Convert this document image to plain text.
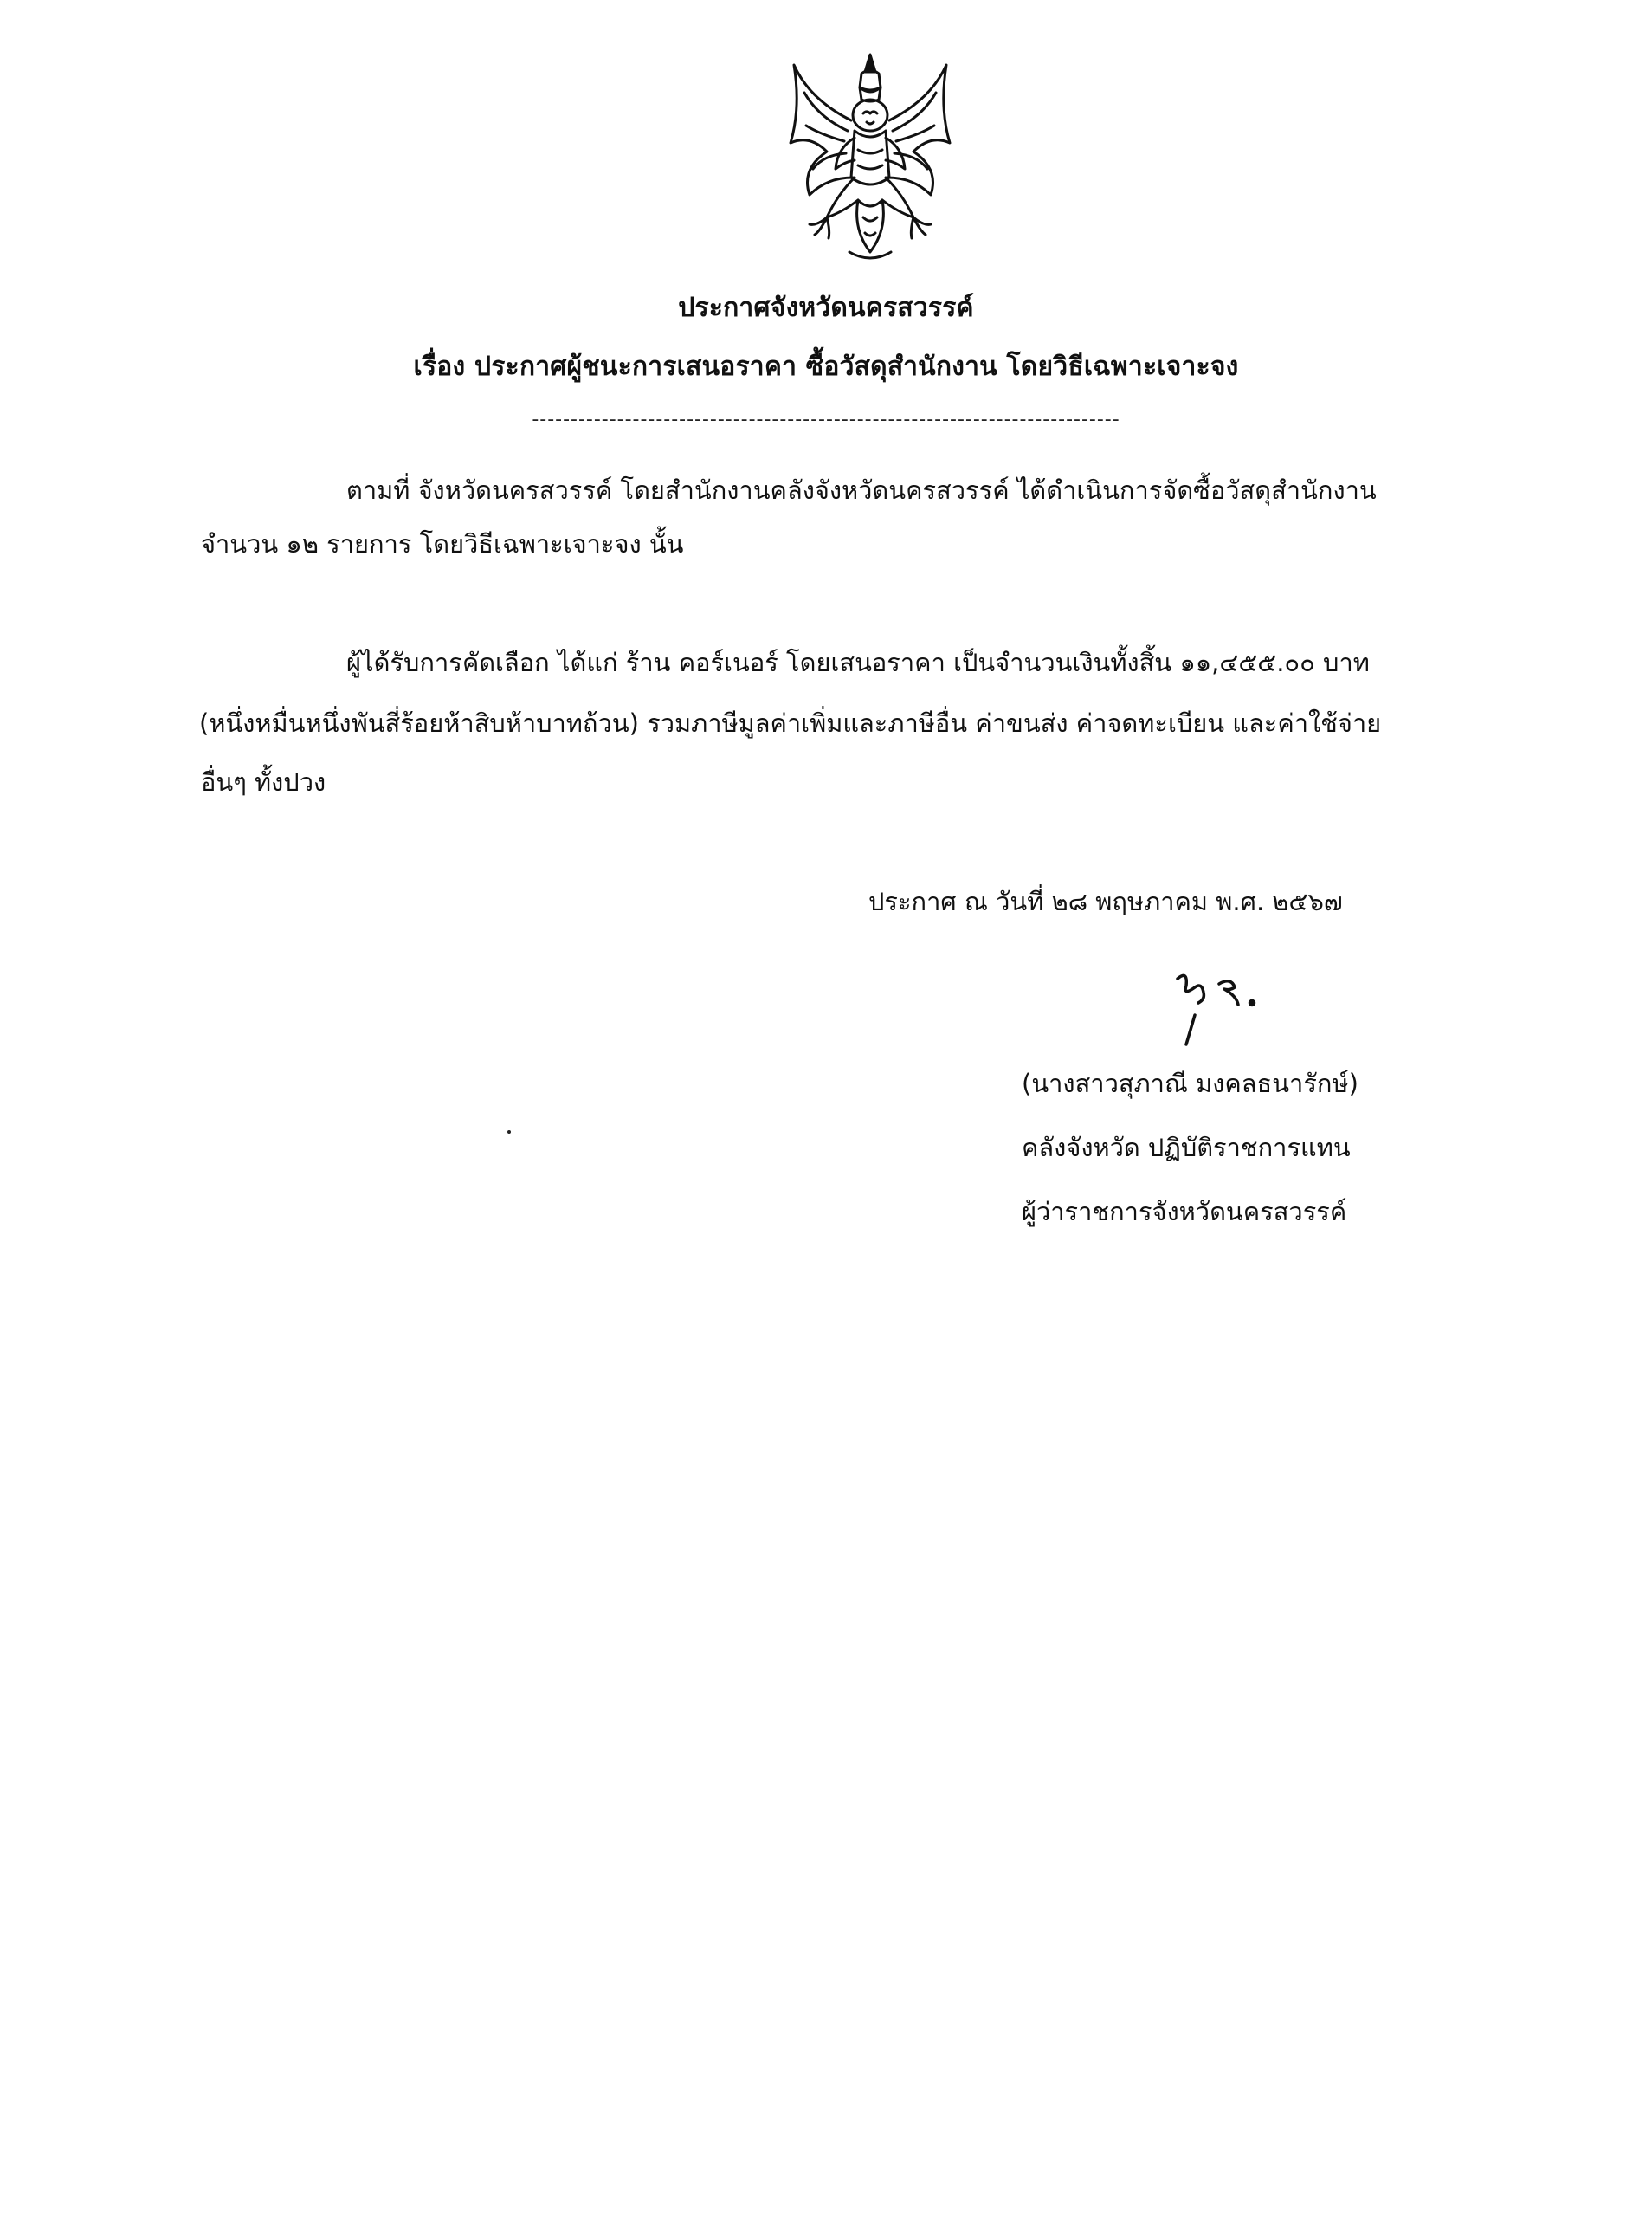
ประกาศจังหวัดนครสวรรค์
เรื่อง ประกาศผู้ชนะการเสนอราคา ซื้อวัสดุสำนักงาน โดยวิธีเฉพาะเจาะจง
----------------------------------------------------------------------------
ตามที่ จังหวัดนครสวรรค์ โดยสำนักงานคลังจังหวัดนครสวรรค์ ได้ดำเนินการจัดซื้อวัสดุสำนักงาน
จำนวน ๑๒ รายการ โดยวิธีเฉพาะเจาะจง นั้น
ผู้ได้รับการคัดเลือก ได้แก่ ร้าน คอร์เนอร์ โดยเสนอราคา เป็นจำนวนเงินทั้งสิ้น ๑๑,๔๕๕.๐๐ บาท
(หนึ่งหมื่นหนึ่งพันสี่ร้อยห้าสิบห้าบาทถ้วน) รวมภาษีมูลค่าเพิ่มและภาษีอื่น ค่าขนส่ง ค่าจดทะเบียน และค่าใช้จ่าย
อื่นๆ ทั้งปวง
ประกาศ ณ วันที่ ๒๘ พฤษภาคม พ.ศ. ๒๕๖๗
(นางสาวสุภาณี มงคลธนารักษ์)
คลังจังหวัด ปฏิบัติราชการแทน
ผู้ว่าราชการจังหวัดนครสวรรค์
